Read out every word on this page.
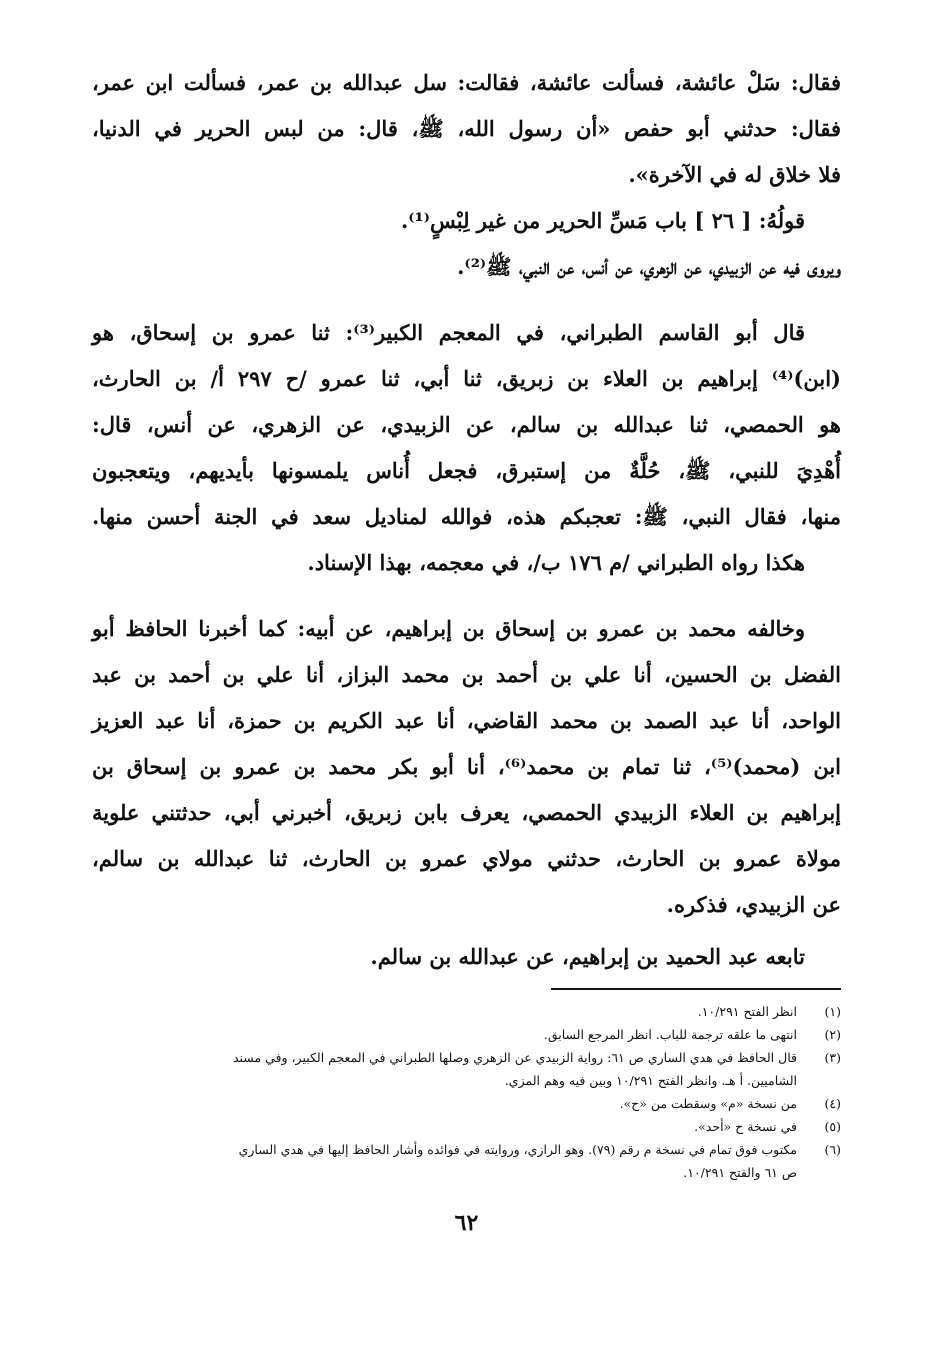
فقال: سَلْ عائشة، فسألت عائشة، فقالت: سل عبدالله بن عمر، فسألت ابن عمر،
فقال: حدثني أبو حفص «أن رسول الله، ﷺ، قال: من لبس الحرير في الدنيا،
فلا خلاق له في الآخرة».
قولُهُ: [ ٢٦ ] باب مَسِّ الحرير من غير لِبْسٍ⁽¹⁾.
ويروى فيه عن الزبيدي، عن الزهري، عن أنس، عن النبي، ﷺ⁽²⁾.
قال أبو القاسم الطبراني، في المعجم الكبير⁽³⁾: ثنا عمرو بن إسحاق، هو
(ابن)⁽⁴⁾ إبراهيم بن العلاء بن زبريق، ثنا أبي، ثنا عمرو /ح ٢٩٧ أ/ بن الحارث،
هو الحمصي، ثنا عبدالله بن سالم، عن الزبيدي، عن الزهري، عن أنس، قال:
أُهْدِيَ للنبي، ﷺ، حُلَّةٌ من إستبرق، فجعل أُناس يلمسونها بأيديهم، ويتعجبون
منها، فقال النبي، ﷺ: تعجبكم هذه، فوالله لمناديل سعد في الجنة أحسن منها.
هكذا رواه الطبراني /م ١٧٦ ب/، في معجمه، بهذا الإسناد.
وخالفه محمد بن عمرو بن إسحاق بن إبراهيم، عن أبيه: كما أخبرنا الحافظ أبو
الفضل بن الحسين، أنا علي بن أحمد بن محمد البزاز، أنا علي بن أحمد بن عبد
الواحد، أنا عبد الصمد بن محمد القاضي، أنا عبد الكريم بن حمزة، أنا عبد العزيز
ابن (محمد)⁽⁵⁾، ثنا تمام بن محمد⁽⁶⁾، أنا أبو بكر محمد بن عمرو بن إسحاق بن
إبراهيم بن العلاء الزبيدي الحمصي، يعرف بابن زبريق، أخبرني أبي، حدثتني علوية
مولاة عمرو بن الحارث، حدثني مولاي عمرو بن الحارث، ثنا عبدالله بن سالم،
عن الزبيدي، فذكره.
تابعه عبد الحميد بن إبراهيم، عن عبدالله بن سالم.
(١)
انظر الفتح ١٠/٢٩١.
(٢)
انتهى ما علقه ترجمة للباب. انظر المرجع السابق.
(٣)
قال الحافظ في هدي الساري ص ٦١: رواية الزبيدي عن الزهري وصلها الطبراني في المعجم الكبير، وفي مسند
الشاميين. أ هـ. وانظر الفتح ١٠/٢٩١ وبين فيه وهم المزي.
(٤)
من نسخة «م» وسقطت من «ح».
(٥)
في نسخة ح «أحد».
(٦)
مكتوب فوق تمام في نسخة م رقم (٧٩). وهو الرازي، وروايته في فوائده وأشار الحافظ إليها في هدي الساري
ص ٦١ والفتح ١٠/٢٩١.
٦٢
